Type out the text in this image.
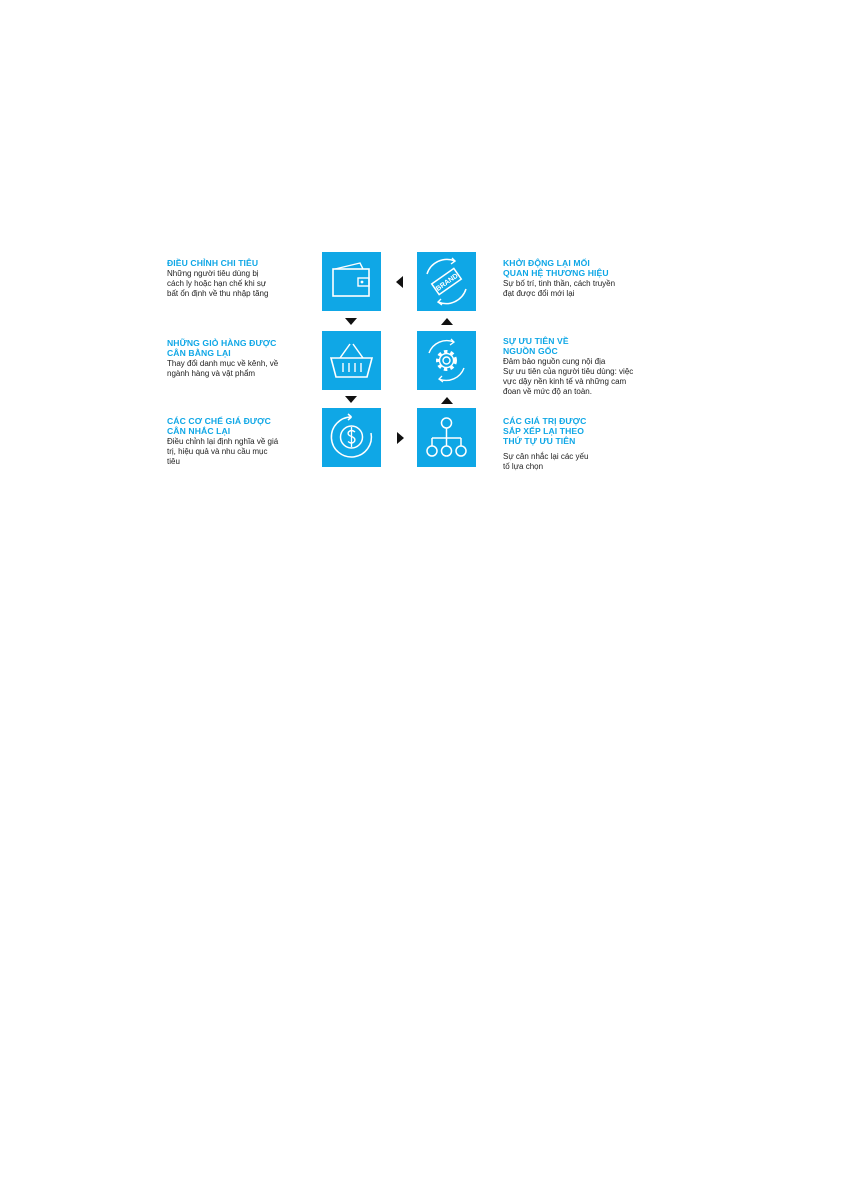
ĐIỀU CHỈNH CHI TIÊU
Những người tiêu dùng bị
cách ly hoặc hạn chế khi sự
bất ổn định về thu nhập tăng
NHỮNG GIỎ HÀNG ĐƯỢC
CÂN BẰNG LẠI
Thay đổi danh mục về kênh, về
ngành hàng và vật phẩm
CÁC CƠ CHẾ GIÁ ĐƯỢC
CÂN NHẮC LẠI
Điều chỉnh lại định nghĩa về giá
trị, hiệu quả và nhu cầu mục
tiêu
KHỞI ĐỘNG LẠI MỐI
QUAN HỆ THƯƠNG HIỆU
Sự bố trí, tinh thần, cách truyền
đạt được đổi mới lại
SỰ ƯU TIÊN VỀ
NGUỒN GỐC
Đảm bảo nguồn cung nội địa
Sự ưu tiên của người tiêu dùng: việc
vực dậy nền kinh tế và những cam
đoan về mức độ an toàn.
CÁC GIÁ TRỊ ĐƯỢC
SẮP XẾP LẠI THEO
THỨ TỰ ƯU TIÊN
Sự cân nhắc lại các yếu
tố lựa chọn
BRAND
